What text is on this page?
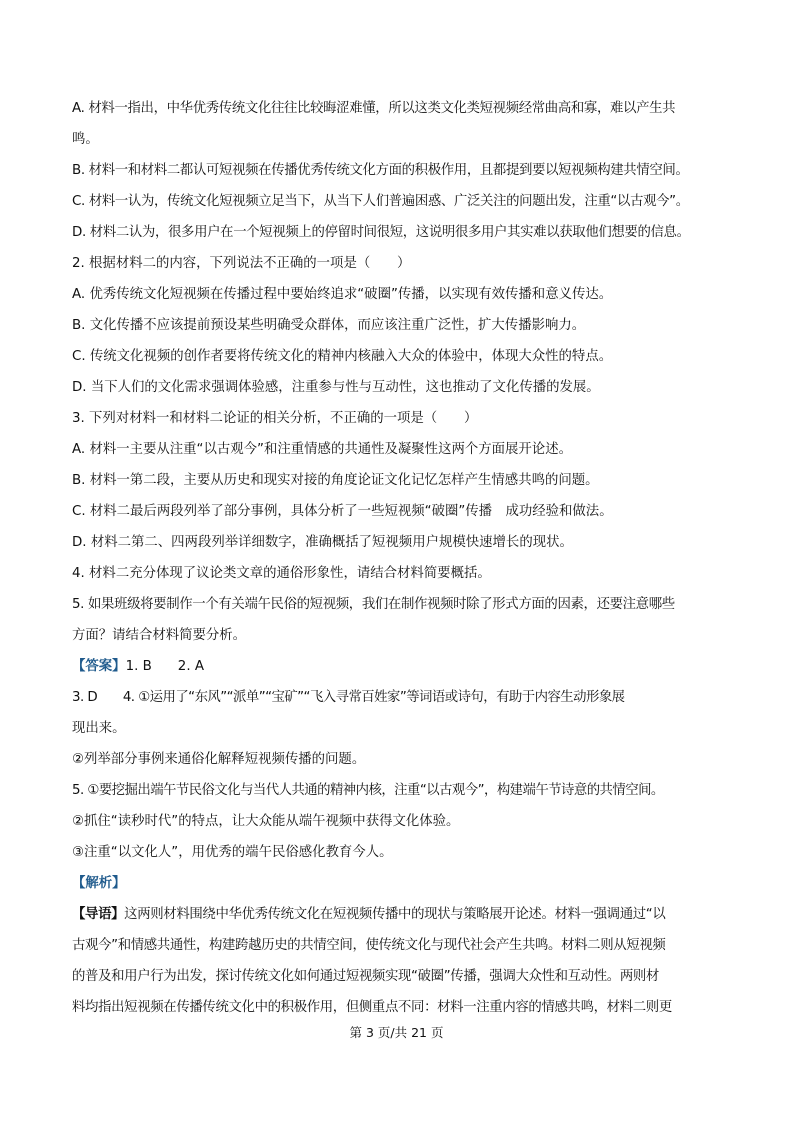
A. 材料一指出，中华优秀传统文化往往比较晦涩难懂，所以这类文化类短视频经常曲高和寡，难以产生共
鸣。
B. 材料一和材料二都认可短视频在传播优秀传统文化方面的积极作用，且都提到要以短视频构建共情空间。
C. 材料一认为，传统文化短视频立足当下，从当下人们普遍困惑、广泛关注的问题出发，注重“以古观今”。
D. 材料二认为，很多用户在一个短视频上的停留时间很短，这说明很多用户其实难以获取他们想要的信息。
2. 根据材料二的内容，下列说法不正确的一项是（　　）
A. 优秀传统文化短视频在传播过程中要始终追求“破圈”传播，以实现有效传播和意义传达。
B. 文化传播不应该提前预设某些明确受众群体，而应该注重广泛性，扩大传播影响力。
C. 传统文化视频的创作者要将传统文化的精神内核融入大众的体验中，体现大众性的特点。
D. 当下人们的文化需求强调体验感，注重参与性与互动性，这也推动了文化传播的发展。
3. 下列对材料一和材料二论证的相关分析，不正确的一项是（　　）
A. 材料一主要从注重“以古观今”和注重情感的共通性及凝聚性这两个方面展开论述。
B. 材料一第二段，主要从历史和现实对接的角度论证文化记忆怎样产生情感共鸣的问题。
C. 材料二最后两段列举了部分事例，具体分析了一些短视频“破圈”传播　成功经验和做法。
D. 材料二第二、四两段列举详细数字，准确概括了短视频用户规模快速增长的现状。
4. 材料二充分体现了议论类文章的通俗形象性，请结合材料简要概括。
5. 如果班级将要制作一个有关端午民俗的短视频，我们在制作视频时除了形式方面的因素，还要注意哪些
方面？请结合材料简要分析。
【答案】1. B 2. A
3. D　　4. ①运用了“东风”“派单”“宝矿”“飞入寻常百姓家”等词语或诗句，有助于内容生动形象展
现出来。
②列举部分事例来通俗化解释短视频传播的问题。
5. ①要挖掘出端午节民俗文化与当代人共通的精神内核，注重“以古观今”，构建端午节诗意的共情空间。
②抓住“读秒时代”的特点，让大众能从端午视频中获得文化体验。
③注重“以文化人”，用优秀的端午民俗感化教育今人。
【解析】
【导语】这两则材料围绕中华优秀传统文化在短视频传播中的现状与策略展开论述。材料一强调通过“以
古观今”和情感共通性，构建跨越历史的共情空间，使传统文化与现代社会产生共鸣。材料二则从短视频
的普及和用户行为出发，探讨传统文化如何通过短视频实现“破圈”传播，强调大众性和互动性。两则材
料均指出短视频在传播传统文化中的积极作用，但侧重点不同：材料一注重内容的情感共鸣，材料二则更
第 3 页/共 21 页
